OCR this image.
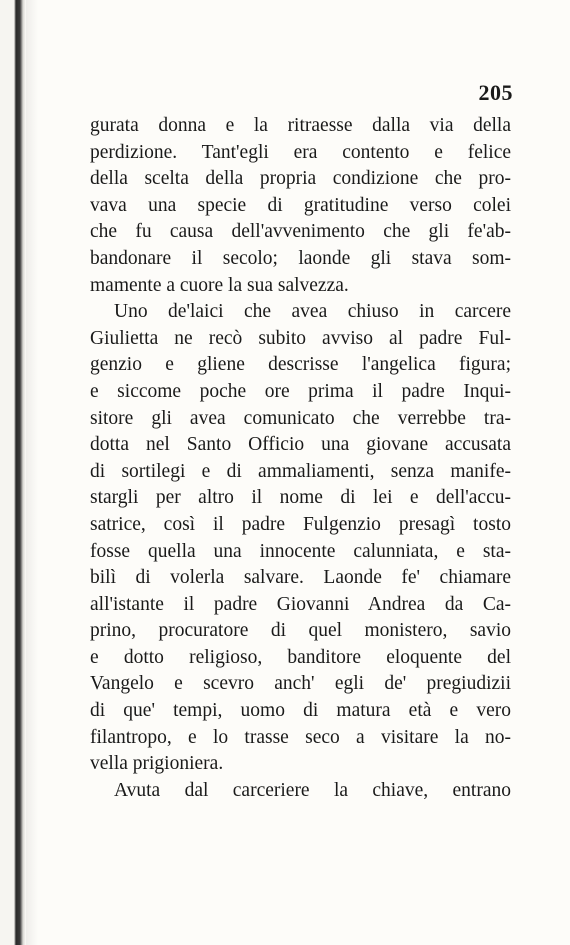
205
gurata donna e la ritraesse dalla via della
perdizione. Tant'egli era contento e felice
della scelta della propria condizione che pro-
vava una specie di gratitudine verso colei
che fu causa dell'avvenimento che gli fe'ab-
bandonare il secolo; laonde gli stava som-
mamente a cuore la sua salvezza.
Uno de'laici che avea chiuso in carcere
Giulietta ne recò subito avviso al padre Ful-
genzio e gliene descrisse l'angelica figura;
e siccome poche ore prima il padre Inqui-
sitore gli avea comunicato che verrebbe tra-
dotta nel Santo Officio una giovane accusata
di sortilegi e di ammaliamenti, senza manife-
stargli per altro il nome di lei e dell'accu-
satrice, così il padre Fulgenzio presagì tosto
fosse quella una innocente calunniata, e sta-
bilì di volerla salvare. Laonde fe' chiamare
all'istante il padre Giovanni Andrea da Ca-
prino, procuratore di quel monistero, savio
e dotto religioso, banditore eloquente del
Vangelo e scevro anch' egli de' pregiudizii
di que' tempi, uomo di matura età e vero
filantropo, e lo trasse seco a visitare la no-
vella prigioniera.
Avuta dal carceriere la chiave, entrano
